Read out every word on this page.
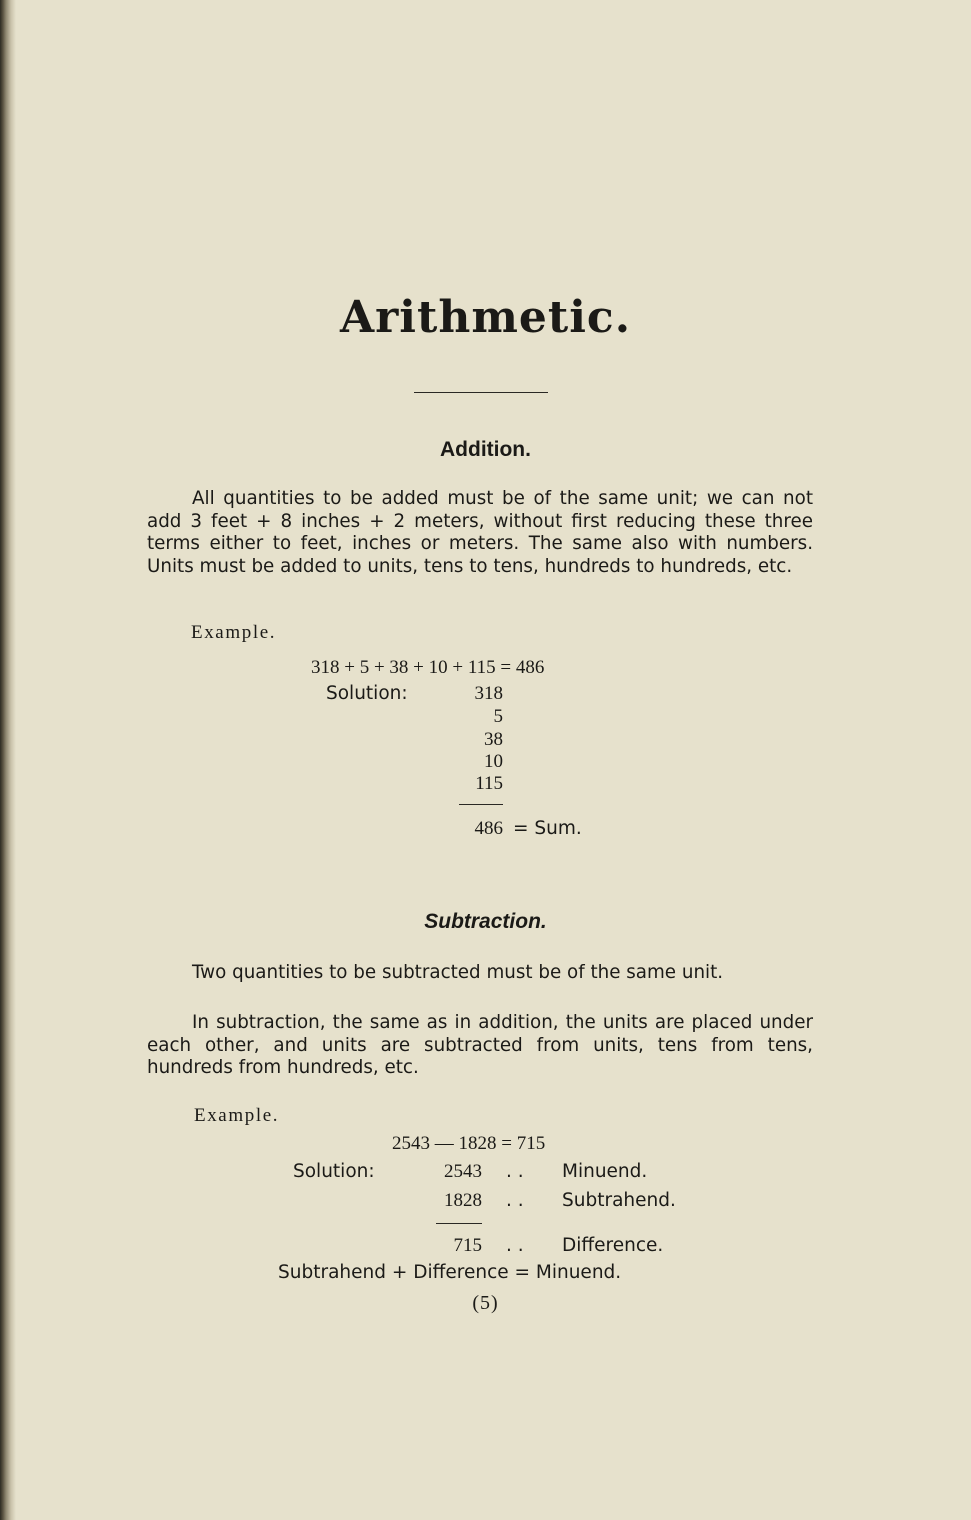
Arithmetic.
Addition.
All quantities to be added must be of the same unit; we can not add 3 feet + 8 inches + 2 meters, without first reducing these three terms either to feet, inches or meters. The same also with numbers. Units must be added to units, tens to tens, hundreds to hundreds, etc.
Example.
318 + 5 + 38 + 10 + 115 = 486
Solution:	318
5
38
10
115
486 = Sum.
Subtraction.
Two quantities to be subtracted must be of the same unit.
In subtraction, the same as in addition, the units are placed under each other, and units are subtracted from units, tens from tens, hundreds from hundreds, etc.
Example.
2543 — 1828 = 715
Solution:	2543 . . Minuend.
1828 . . Subtrahend.
715 . . Difference.
Subtrahend + Difference = Minuend.
(5)
